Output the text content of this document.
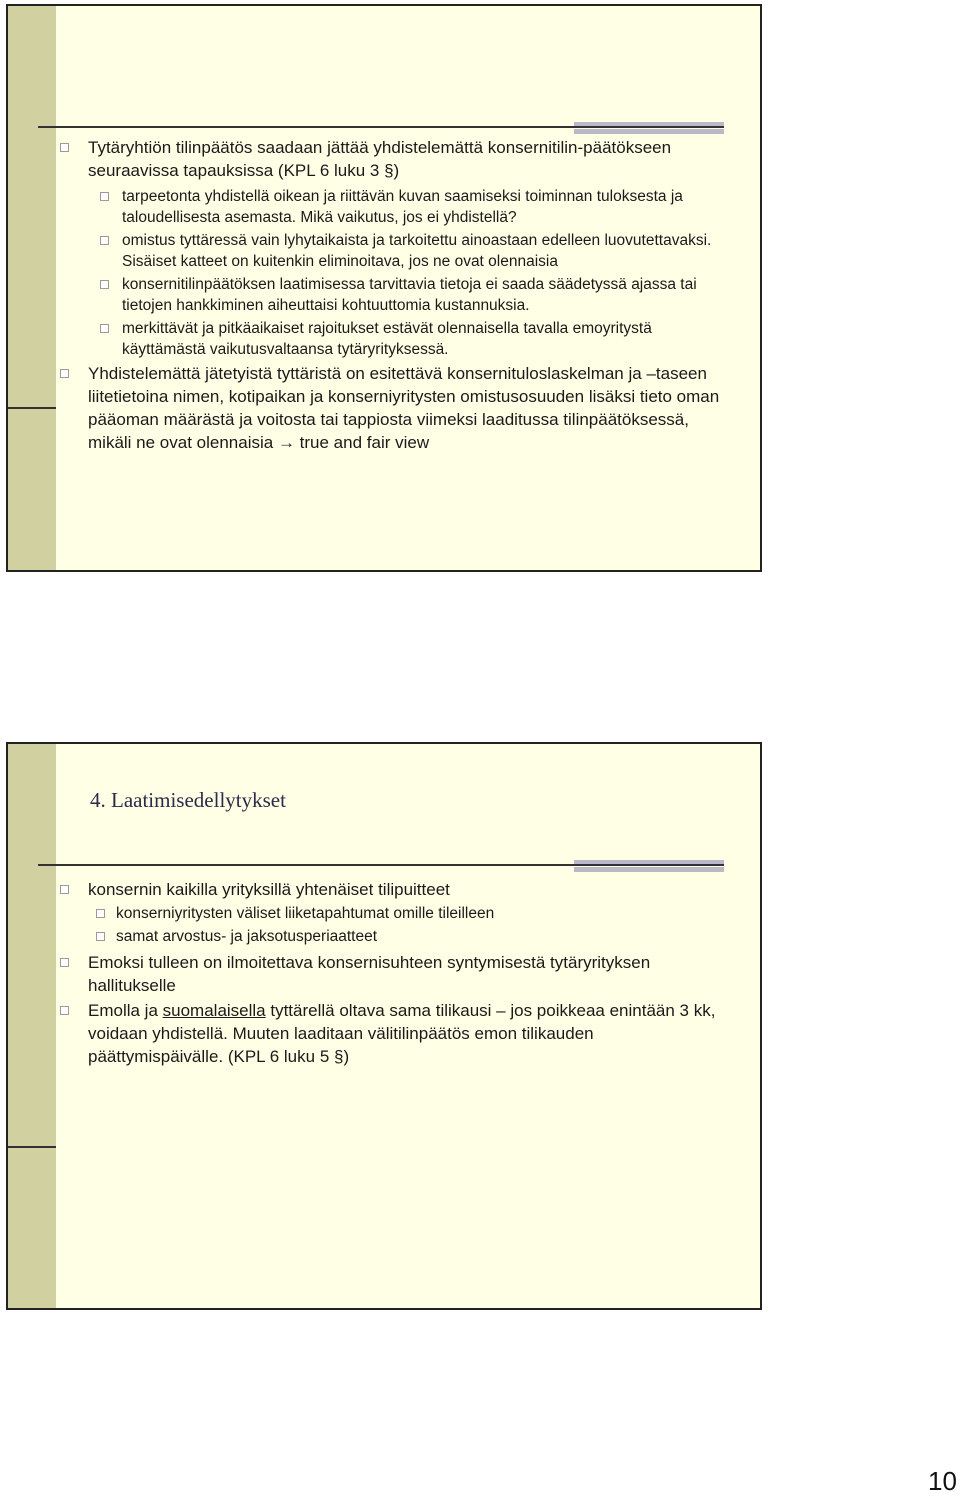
Tytäryhtiön tilinpäätös saadaan jättää yhdistelemättä konsernitilin-päätökseen seuraavissa tapauksissa (KPL 6 luku 3 §)
tarpeetonta yhdistellä oikean ja riittävän kuvan saamiseksi toiminnan tuloksesta ja taloudellisesta asemasta. Mikä vaikutus, jos ei yhdistellä?
omistus tyttäressä vain lyhytaikaista ja tarkoitettu ainoastaan edelleen luovutettavaksi. Sisäiset katteet on kuitenkin eliminoitava, jos ne ovat olennaisia
konsernitilinpäätöksen laatimisessa tarvittavia tietoja ei saada säädetyssä ajassa tai tietojen hankkiminen aiheuttaisi kohtuuttomia kustannuksia.
merkittävät ja pitkäaikaiset rajoitukset estävät olennaisella tavalla emoyritystä käyttämästä vaikutusvaltaansa tytäryrityksessä.
Yhdistelemättä jätetyistä tyttäristä on esitettävä konsernituloslaskelman ja –taseen liitetietoina nimen, kotipaikan ja konserniyritysten omistusosuuden lisäksi tieto oman pääoman määrästä ja voitosta tai tappiosta viimeksi laaditussa tilinpäätöksessä, mikäli ne ovat olennaisia → true and fair view
4. Laatimisedellytykset
konsernin kaikilla yrityksillä yhtenäiset tilipuitteet
konserniyritysten väliset liiketapahtumat omille tileilleen
samat arvostus- ja jaksotusperiaatteet
Emoksi tulleen on ilmoitettava konsernisuhteen syntymisestä tytäryrityksen hallitukselle
Emolla ja suomalaisella tyttärellä oltava sama tilikausi – jos poikkeaa enintään 3 kk, voidaan yhdistellä. Muuten laaditaan välitilinpäätös emon tilikauden päättymispäivälle. (KPL 6 luku 5 §)
10
